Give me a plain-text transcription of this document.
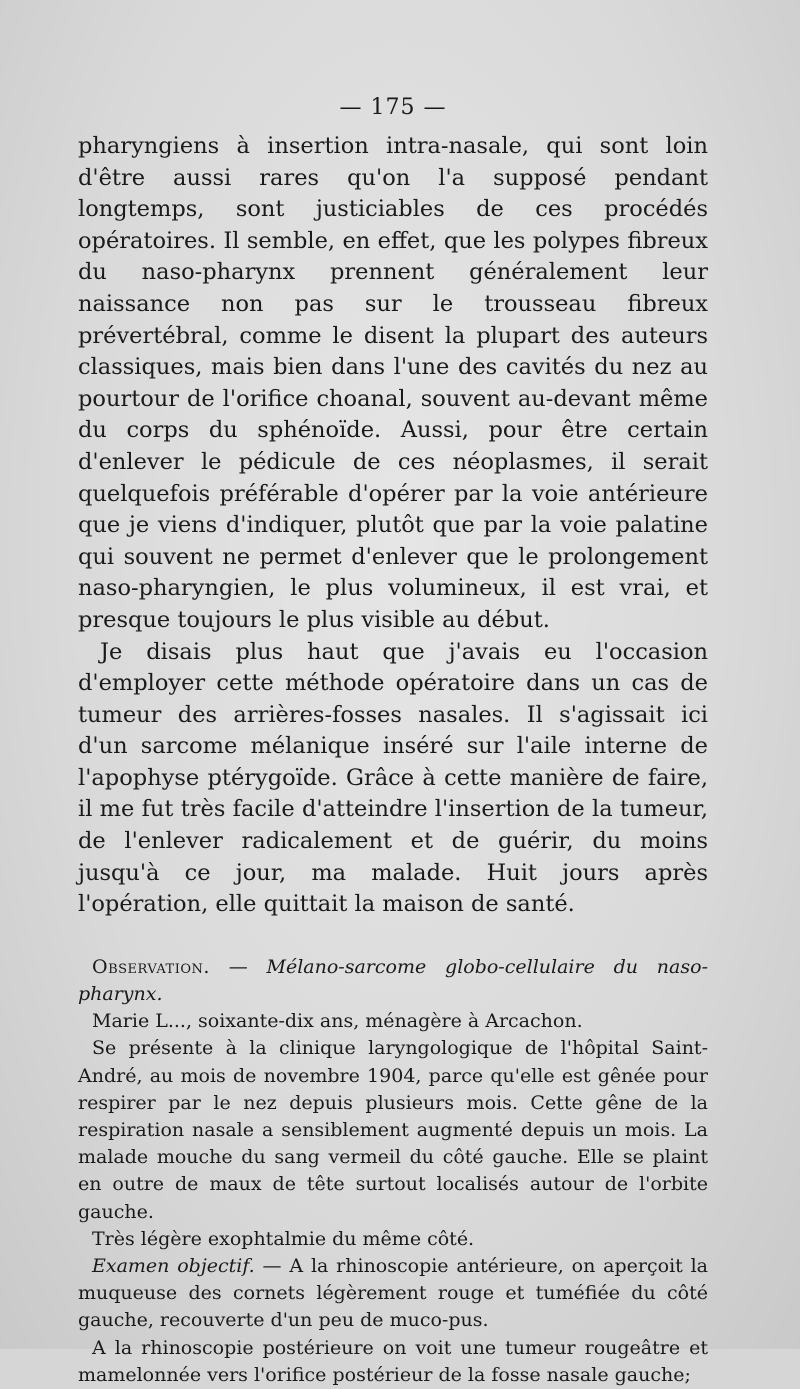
— 175 —

pharyngiens à insertion intra-nasale, qui sont loin d'être aussi rares qu'on l'a supposé pendant longtemps, sont justiciables de ces procédés opératoires. Il semble, en effet, que les polypes fibreux du naso-pharynx prennent généralement leur naissance non pas sur le trousseau fibreux prévertébral, comme le disent la plupart des auteurs classiques, mais bien dans l'une des cavités du nez au pourtour de l'orifice choanal, souvent au-devant même du corps du sphénoïde. Aussi, pour être certain d'enlever le pédicule de ces néoplasmes, il serait quelquefois préférable d'opérer par la voie antérieure que je viens d'indiquer, plutôt que par la voie palatine qui souvent ne permet d'enlever que le prolongement naso-pharyngien, le plus volumineux, il est vrai, et presque toujours le plus visible au début.

Je disais plus haut que j'avais eu l'occasion d'employer cette méthode opératoire dans un cas de tumeur des arrières-fosses nasales. Il s'agissait ici d'un sarcome mélanique inséré sur l'aile interne de l'apophyse ptérygoïde. Grâce à cette manière de faire, il me fut très facile d'atteindre l'insertion de la tumeur, de l'enlever radicalement et de guérir, du moins jusqu'à ce jour, ma malade. Huit jours après l'opération, elle quittait la maison de santé.

Observation. — Mélano-sarcome globo-cellulaire du naso-pharynx.

Marie L..., soixante-dix ans, ménagère à Arcachon.

Se présente à la clinique laryngologique de l'hôpital Saint-André, au mois de novembre 1904, parce qu'elle est gênée pour respirer par le nez depuis plusieurs mois. Cette gêne de la respiration nasale a sensiblement augmenté depuis un mois. La malade mouche du sang vermeil du côté gauche. Elle se plaint en outre de maux de tête surtout localisés autour de l'orbite gauche.

Très légère exophtalmie du même côté.

Examen objectif. — A la rhinoscopie antérieure, on aperçoit la muqueuse des cornets légèrement rouge et tuméfiée du côté gauche, recouverte d'un peu de muco-pus.

A la rhinoscopie postérieure on voit une tumeur rougeâtre et mamelonnée vers l'orifice postérieur de la fosse nasale gauche;
